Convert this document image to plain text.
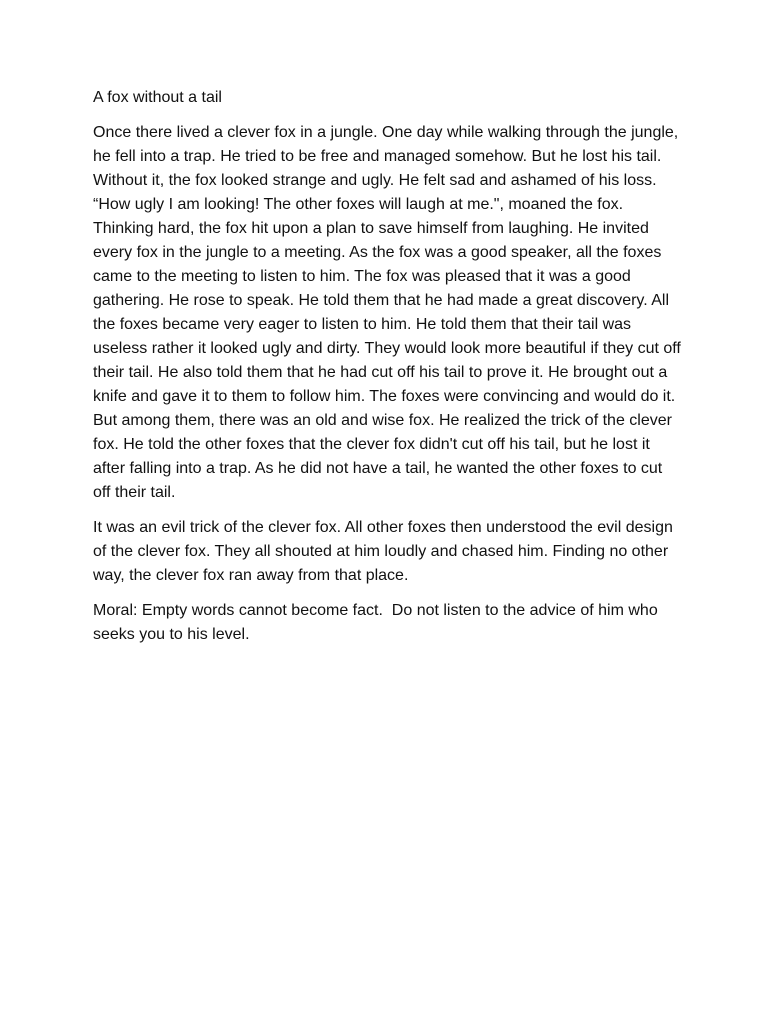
A fox without a tail

Once there lived a clever fox in a jungle. One day while walking through the jungle, he fell into a trap. He tried to be free and managed somehow. But he lost his tail. Without it, the fox looked strange and ugly. He felt sad and ashamed of his loss. “How ugly I am looking! The other foxes will laugh at me.", moaned the fox. Thinking hard, the fox hit upon a plan to save himself from laughing. He invited every fox in the jungle to a meeting. As the fox was a good speaker, all the foxes came to the meeting to listen to him. The fox was pleased that it was a good gathering. He rose to speak. He told them that he had made a great discovery. All the foxes became very eager to listen to him. He told them that their tail was useless rather it looked ugly and dirty. They would look more beautiful if they cut off their tail. He also told them that he had cut off his tail to prove it. He brought out a knife and gave it to them to follow him. The foxes were convincing and would do it. But among them, there was an old and wise fox. He realized the trick of the clever fox. He told the other foxes that the clever fox didn't cut off his tail, but he lost it after falling into a trap. As he did not have a tail, he wanted the other foxes to cut off their tail.

It was an evil trick of the clever fox. All other foxes then understood the evil design of the clever fox. They all shouted at him loudly and chased him. Finding no other way, the clever fox ran away from that place.

Moral: Empty words cannot become fact.  Do not listen to the advice of him who seeks you to his level.
